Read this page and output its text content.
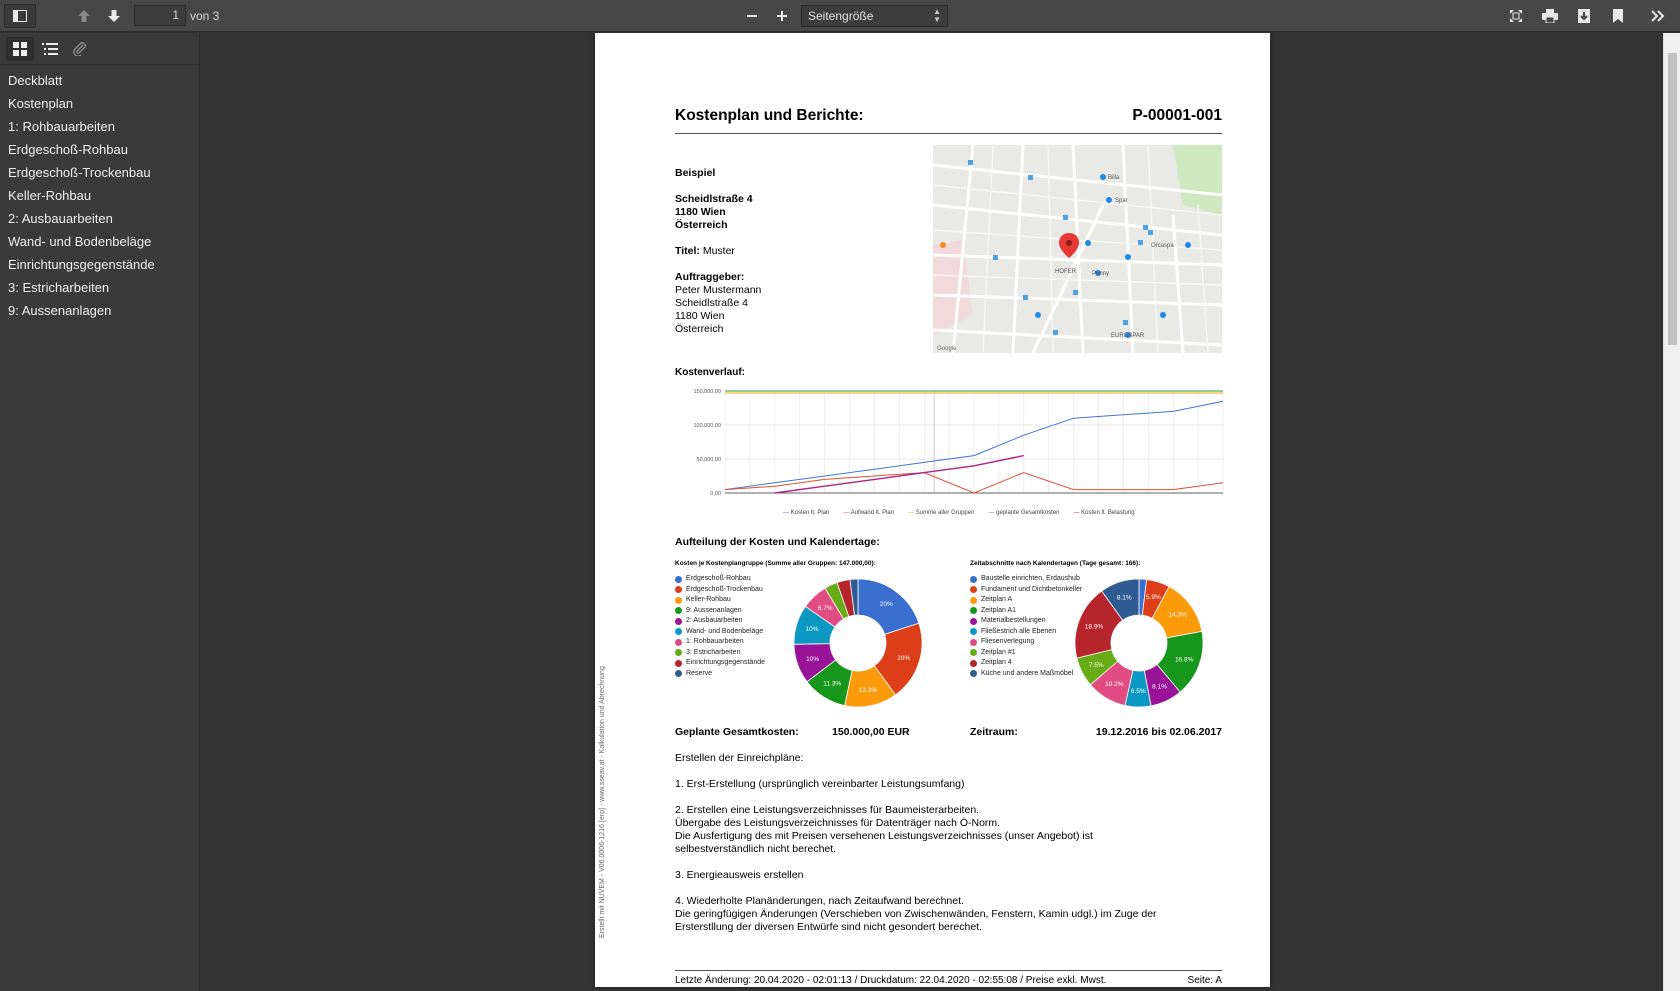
1 von 3	Seitengröße	▲
▼
Deckblatt
Kostenplan
1: Rohbauarbeiten
Erdgeschoß-Rohbau
Erdgeschoß-Trockenbau
Keller-Rohbau
2: Ausbauarbeiten
Wand- und Bodenbeläge
Einrichtungsgegenstände
3: Estricharbeiten
9: Aussenanlagen
Kostenplan und Berichte:	P-00001-001
Beispiel
Scheidlstraße 4
1180 Wien
Österreich
Titel: Muster
Auftraggeber:
Peter Mustermann
Scheidlstraße 4
1180 Wien
Österreich
Billa
Spar
Penny
HOFER
Orcaspa
EUROSPAR
Google
Kostenverlauf:
150.000,00
100.000,00
50.000,00
0,00
— Kosten lt. Plan — Aufwand lt. Plan — Summe aller Gruppen — geplante Gesamtkosten — Kosten lt. Belastung
Aufteilung der Kosten und Kalendertage:
Kosten je Kostenplangruppe (Summe aller Gruppen: 147.000,00):
Erdgeschoß-Rohbau
Erdgeschoß-Trockenbau
Keller-Rohbau
9: Aussenanlagen
2: Ausbauarbeiten
Wand- und Bodenbeläge
1: Rohbauarbeiten
3: Estricharbeiten
Einrichtungsgegenstände
Reserve
20%
20%
13.3%
11.3%
10%
10%
6.7%
Zeitabschnitte nach Kalendertagen (Tage gesamt: 166):
Baustelle einrichten, Erdaushub
Fundament und Dichtbetonkeller
Zeitplan A
Zeitplan A1
Materialbestellungen
Fließestrich alle Ebenen
Fliesenverlegung
Zeitplan #1
Zeitplan 4
Küche und andere Maßmöbel
5.9%
14.3%
16.8%
8.1%
6.5%
10.2%
7.5%
18.9%
8.1%
Geplante Gesamtkosten:	150.000,00 EUR	Zeitraum:	19.12.2016 bis 02.06.2017
Erstellen der Einreichpläne:
1. Erst-Erstellung (ursprünglich vereinbarter Leistungsumfang)
2. Erstellen eine Leistungsverzeichnisses für Baumeisterarbeiten.
Übergabe des Leistungsverzeichnisses für Datenträger nach Ö-Norm.
Die Ausfertigung des mit Preisen versehenen Leistungsverzeichnisses (unser Angebot) ist
selbestverständlich nicht berechet.
3. Energieausweis erstellen
4. Wiederholte Planänderungen, nach Zeitaufwand berechnet.
Die geringfügigen Änderungen (Verschieben von Zwischenwänden, Fenstern, Kamin udgl.) im Zuge der
Ersterstllung der diversen Entwürfe sind nicht gesondert berechet.
Letzte Änderung: 20.04.2020 - 02:01:13 / Druckdatum: 22.04.2020 - 02:55:08 / Preise exkl. Mwst.	Seite: A
Erstellt mit NUVEM - V06.0006-1216 [erp] - www.sseav.at - Kalkulation und Abrechnung
